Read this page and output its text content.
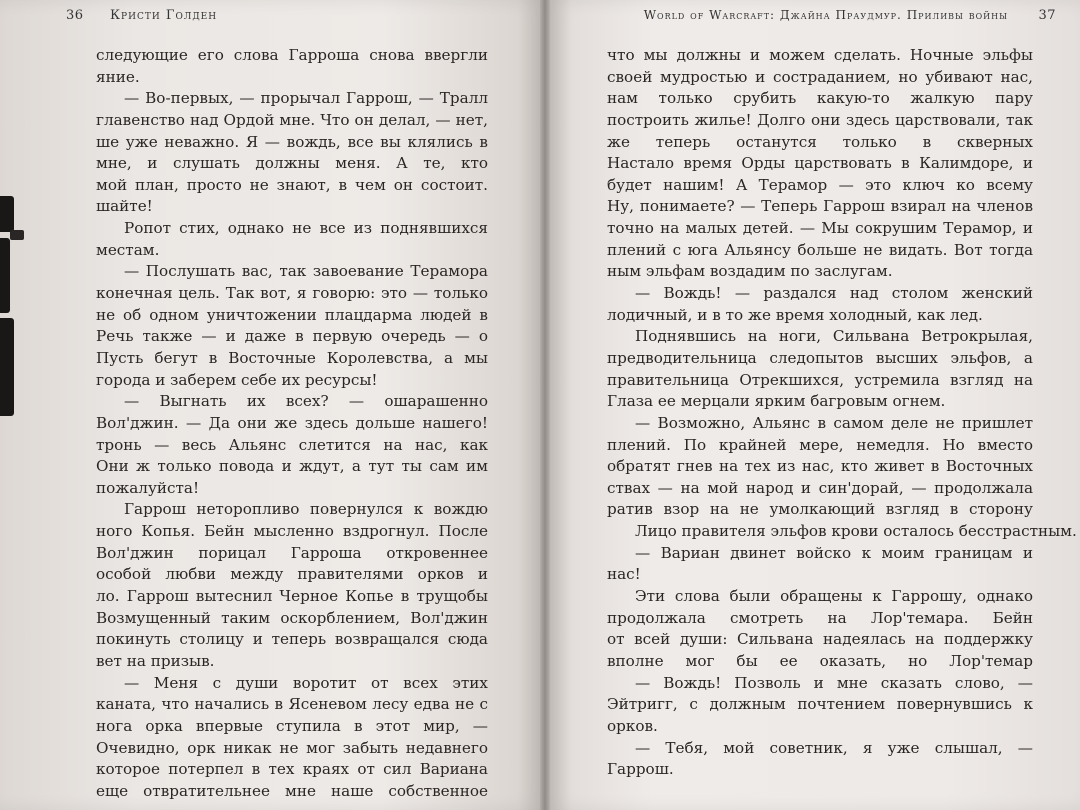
36 Кристи Голден
следующие его слова Гарроша снова ввергли
яние.
— Во-первых, — прорычал Гаррош, — Тралл
главенство над Ордой мне. Что он делал, — нет,
ше уже неважно. Я — вождь, все вы клялись в
мне, и слушать должны меня. А те, кто
мой план, просто не знают, в чем он состоит.
шайте!
Ропот стих, однако не все из поднявшихся
местам.
— Послушать вас, так завоевание Терамора
конечная цель. Так вот, я говорю: это — только
не об одном уничтожении плацдарма людей в
Речь также — и даже в первую очередь — о
Пусть бегут в Восточные Королевства, а мы
города и заберем себе их ресурсы!
— Выгнать их всех? — ошарашенно
Вол'джин. — Да они же здесь дольше нашего!
тронь — весь Альянс слетится на нас, как
Они ж только повода и ждут, а тут ты сам им
пожалуйста!
Гаррош неторопливо повернулся к вождю
ного Копья. Бейн мысленно вздрогнул. После
Вол'джин порицал Гарроша откровеннее
особой любви между правителями орков и
ло. Гаррош вытеснил Черное Копье в трущобы
Возмущенный таким оскорблением, Вол'джин
покинуть столицу и теперь возвращался сюда
вет на призыв.
— Меня с души воротит от всех этих
каната, что начались в Ясеневом лесу едва не с
нога орка впервые ступила в этот мир, —
Очевидно, орк никак не мог забыть недавнего
которое потерпел в тех краях от сил Вариана
еще отвратительнее мне наше собственное
World of Warcraft: Джайна Праудмур. Приливы войны 37
что мы должны и можем сделать. Ночные эльфы
своей мудростью и состраданием, но убивают нас,
нам только срубить какую-то жалкую пару
построить жилье! Долго они здесь царствовали, так
же теперь останутся только в скверных
Настало время Орды царствовать в Калимдоре, и
будет нашим! А Терамор — это ключ ко всему
Ну, понимаете? — Теперь Гаррош взирал на членов
точно на малых детей. — Мы сокрушим Терамор, и
плений с юга Альянсу больше не видать. Вот тогда
ным эльфам воздадим по заслугам.
— Вождь! — раздался над столом женский
лодичный, и в то же время холодный, как лед.
Поднявшись на ноги, Сильвана Ветрокрылая,
предводительница следопытов высших эльфов, а
правительница Отрекшихся, устремила взгляд на
Глаза ее мерцали ярким багровым огнем.
— Возможно, Альянс в самом деле не пришлет
плений. По крайней мере, немедля. Но вместо
обратят гнев на тех из нас, кто живет в Восточных
ствах — на мой народ и син'дорай, — продолжала
ратив взор на не умолкающий взгляд в сторону
Лицо правителя эльфов крови осталось бесстрастным.
— Вариан двинет войско к моим границам и
нас!
Эти слова были обращены к Гаррошу, однако
продолжала смотреть на Лор'темара. Бейн
от всей души: Сильвана надеялась на поддержку
вполне мог бы ее оказать, но Лор'темар
— Вождь! Позволь и мне сказать слово, —
Эйтригг, с должным почтением повернувшись к
орков.
— Тебя, мой советник, я уже слышал, —
Гаррош.
